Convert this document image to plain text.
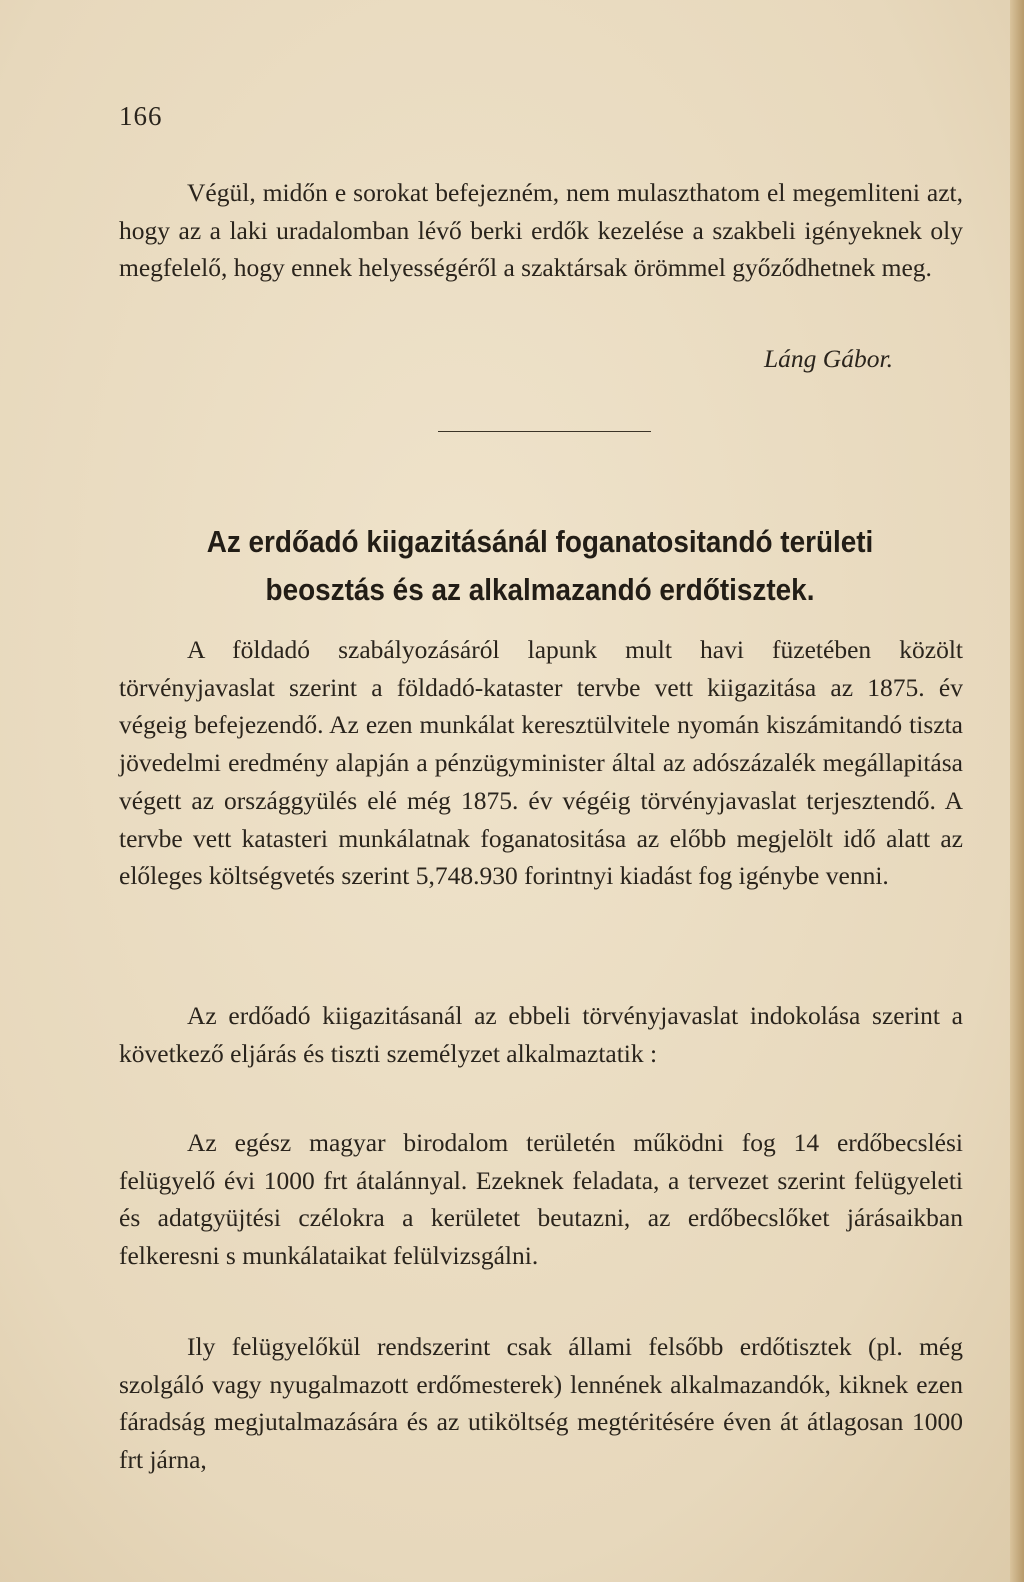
166

Végül, midőn e sorokat befejezném, nem mulaszthatom el megemliteni azt, hogy az a laki uradalomban lévő berki erdők kezelése a szakbeli igényeknek oly megfelelő, hogy ennek helyességéről a szaktársak örömmel győződhetnek meg.

Láng Gábor.
Az erdőadó kiigazitásánál foganatositandó területi beosztás és az alkalmazandó erdőtisztek.

A földadó szabályozásáról lapunk mult havi füzetében közölt törvényjavaslat szerint a földadó-kataster tervbe vett kiigazitása az 1875. év végeig befejezendő. Az ezen munkálat keresztülvitele nyomán kiszámitandó tiszta jövedelmi eredmény alapján a pénzügyminister által az adószázalék megállapitása végett az országgyülés elé még 1875. év végéig törvényjavaslat terjesztendő. A tervbe vett katasteri munkálatnak foganatositása az előbb megjelölt idő alatt az előleges költségvetés szerint 5,748.930 forintnyi kiadást fog igénybe venni.

Az erdőadó kiigazitásanál az ebbeli törvényjavaslat indokolása szerint a következő eljárás és tiszti személyzet alkalmaztatik :

Az egész magyar birodalom területén működni fog 14 erdőbecslési felügyelő évi 1000 frt átalánnyal. Ezeknek feladata, a tervezet szerint felügyeleti és adatgyüjtési czélokra a kerületet beutazni, az erdőbecslőket járásaikban felkeresni s munkálataikat felülvizsgálni.

Ily felügyelőkül rendszerint csak állami felsőbb erdőtisztek (pl. még szolgáló vagy nyugalmazott erdőmesterek) lennének alkalmazandók, kiknek ezen fáradság megjutalmazására és az utiköltség megtéritésére éven át átlagosan 1000 frt járna,
